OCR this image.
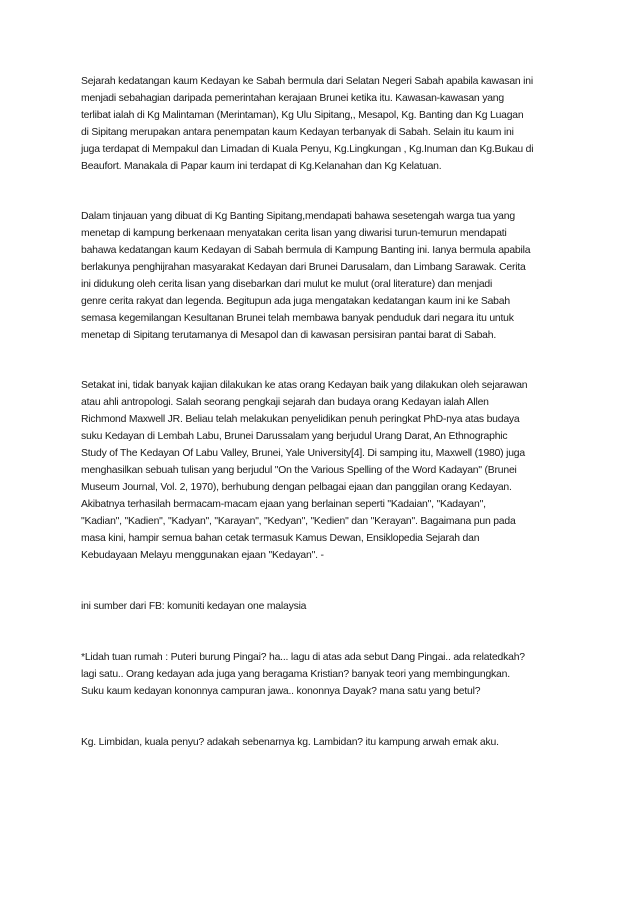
Sejarah kedatangan kaum Kedayan ke Sabah bermula dari Selatan Negeri Sabah apabila kawasan ini
menjadi sebahagian daripada pemerintahan kerajaan Brunei ketika itu. Kawasan-kawasan yang
terlibat ialah di Kg Malintaman (Merintaman), Kg Ulu Sipitang,, Mesapol, Kg. Banting dan Kg Luagan
di Sipitang merupakan antara penempatan kaum Kedayan terbanyak di Sabah. Selain itu kaum ini
juga terdapat di Mempakul dan Limadan di Kuala Penyu, Kg.Lingkungan , Kg.Inuman dan Kg.Bukau di
Beaufort. Manakala di Papar kaum ini terdapat di Kg.Kelanahan dan Kg Kelatuan.

Dalam tinjauan yang dibuat di Kg Banting Sipitang,mendapati bahawa sesetengah warga tua yang
menetap di kampung berkenaan menyatakan cerita lisan yang diwarisi turun-temurun mendapati
bahawa kedatangan kaum Kedayan di Sabah bermula di Kampung Banting ini. Ianya bermula apabila
berlakunya penghijrahan masyarakat Kedayan dari Brunei Darusalam, dan Limbang Sarawak. Cerita
ini didukung oleh cerita lisan yang disebarkan dari mulut ke mulut (oral literature) dan menjadi
genre cerita rakyat dan legenda. Begitupun ada juga mengatakan kedatangan kaum ini ke Sabah
semasa kegemilangan Kesultanan Brunei telah membawa banyak penduduk dari negara itu untuk
menetap di Sipitang terutamanya di Mesapol dan di kawasan persisiran pantai barat di Sabah.

Setakat ini, tidak banyak kajian dilakukan ke atas orang Kedayan baik yang dilakukan oleh sejarawan
atau ahli antropologi. Salah seorang pengkaji sejarah dan budaya orang Kedayan ialah Allen
Richmond Maxwell JR. Beliau telah melakukan penyelidikan penuh peringkat PhD-nya atas budaya
suku Kedayan di Lembah Labu, Brunei Darussalam yang berjudul Urang Darat, An Ethnographic
Study of The Kedayan Of Labu Valley, Brunei, Yale University[4]. Di samping itu, Maxwell (1980) juga
menghasilkan sebuah tulisan yang berjudul "On the Various Spelling of the Word Kadayan" (Brunei
Museum Journal, Vol. 2, 1970), berhubung dengan pelbagai ejaan dan panggilan orang Kedayan.
Akibatnya terhasilah bermacam-macam ejaan yang berlainan seperti "Kadaian", "Kadayan",
"Kadian", "Kadien", "Kadyan", "Karayan", "Kedyan", "Kedien" dan "Kerayan". Bagaimana pun pada
masa kini, hampir semua bahan cetak termasuk Kamus Dewan, Ensiklopedia Sejarah dan
Kebudayaan Melayu menggunakan ejaan "Kedayan". -

ini sumber dari FB: komuniti kedayan one malaysia

*Lidah tuan rumah : Puteri burung Pingai? ha... lagu di atas ada sebut Dang Pingai.. ada relatedkah?
lagi satu.. Orang kedayan ada juga yang beragama Kristian? banyak teori yang membingungkan.
Suku kaum kedayan kononnya campuran jawa.. kononnya Dayak? mana satu yang betul?

Kg. Limbidan, kuala penyu? adakah sebenarnya kg. Lambidan? itu kampung arwah emak aku.
